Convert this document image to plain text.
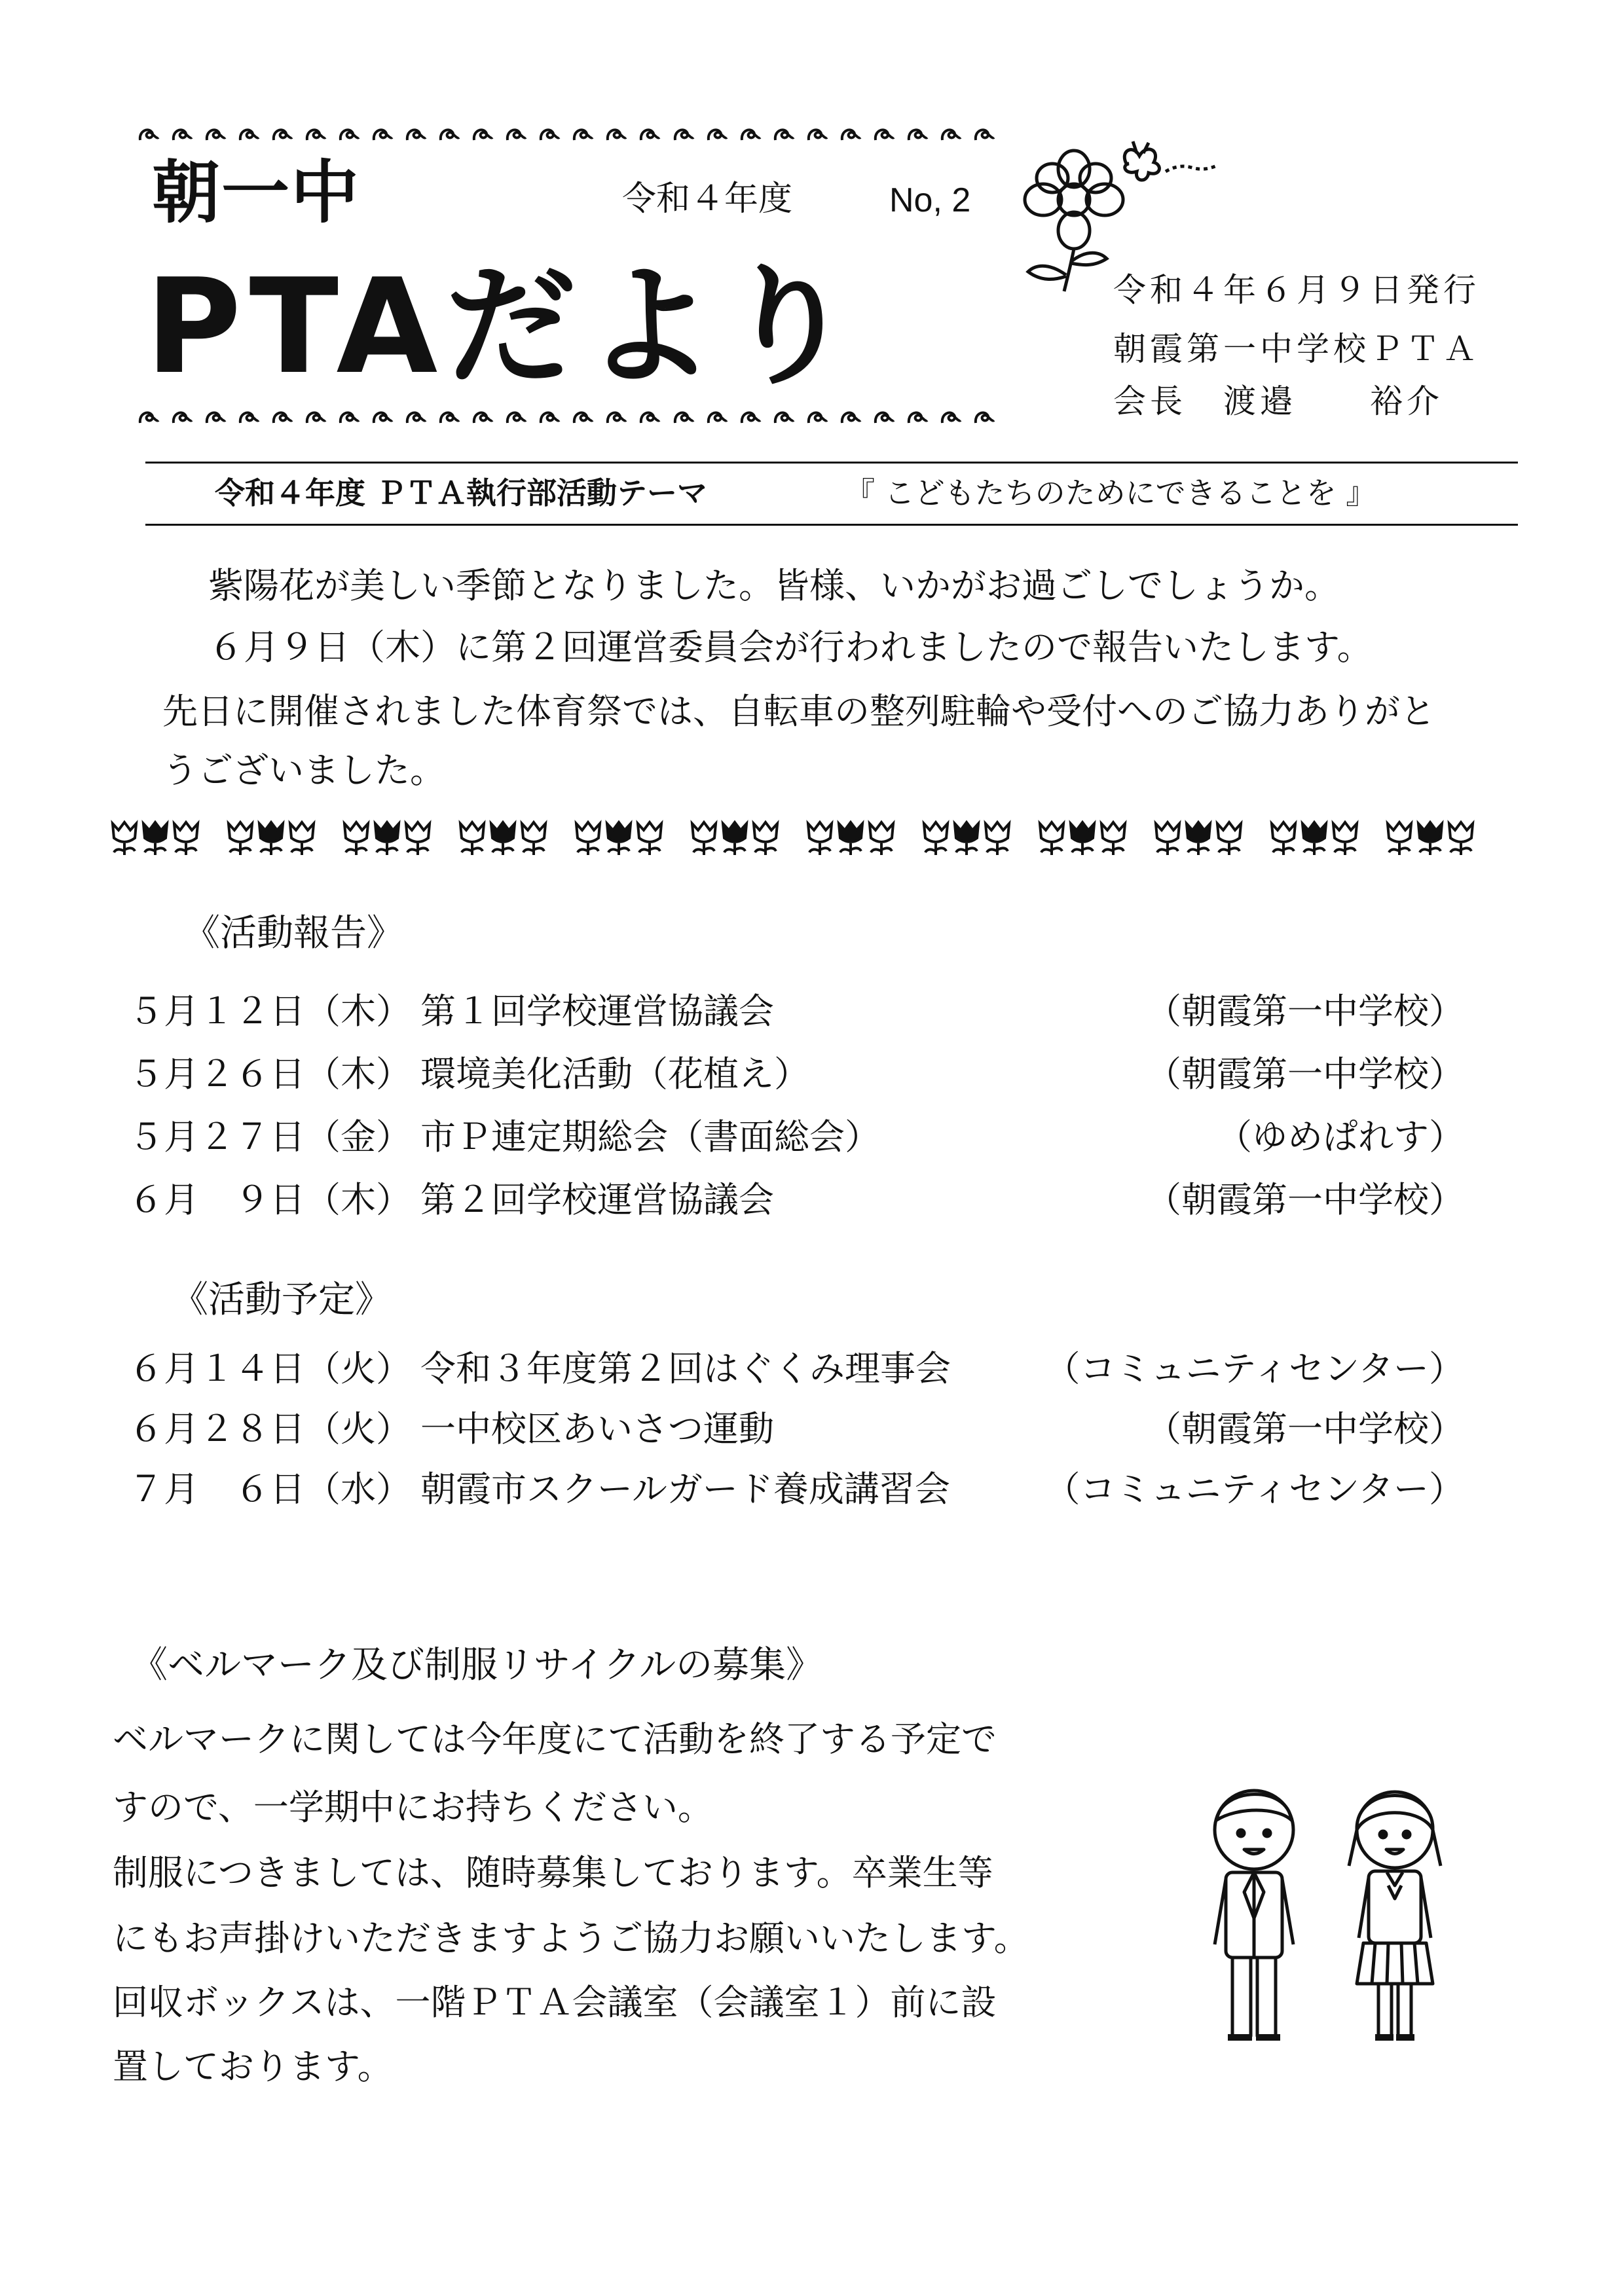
朝一中	令和４年度	No, 2
PTAだより	令和４年６月９日発行
朝霞第一中学校ＰＴＡ
会長　渡邉　　裕介
令和４年度 ＰＴＡ執行部活動テーマ	『 こどもたちのためにできることを 』
紫陽花が美しい季節となりました。皆様、いかがお過ごしでしょうか。
６月９日（木）に第２回運営委員会が行われましたので報告いたします。
先日に開催されました体育祭では、自転車の整列駐輪や受付へのご協力ありがと
うございました。
《活動報告》
５月１２日（木） 第１回学校運営協議会	（朝霞第一中学校）
５月２６日（木） 環境美化活動（花植え）	（朝霞第一中学校）
５月２７日（金） 市Ｐ連定期総会（書面総会）	（ゆめぱれす）
６月　９日（木） 第２回学校運営協議会	（朝霞第一中学校）
《活動予定》
６月１４日（火） 令和３年度第２回はぐくみ理事会	（コミュニティセンター）
６月２８日（火） 一中校区あいさつ運動	（朝霞第一中学校）
７月　６日（水） 朝霞市スクールガード養成講習会	（コミュニティセンター）
《ベルマーク及び制服リサイクルの募集》
ベルマークに関しては今年度にて活動を終了する予定で
すので、一学期中にお持ちください。
制服につきましては、随時募集しております。卒業生等
にもお声掛けいただきますようご協力お願いいたします。
回収ボックスは、一階ＰＴＡ会議室（会議室１）前に設
置しております。
